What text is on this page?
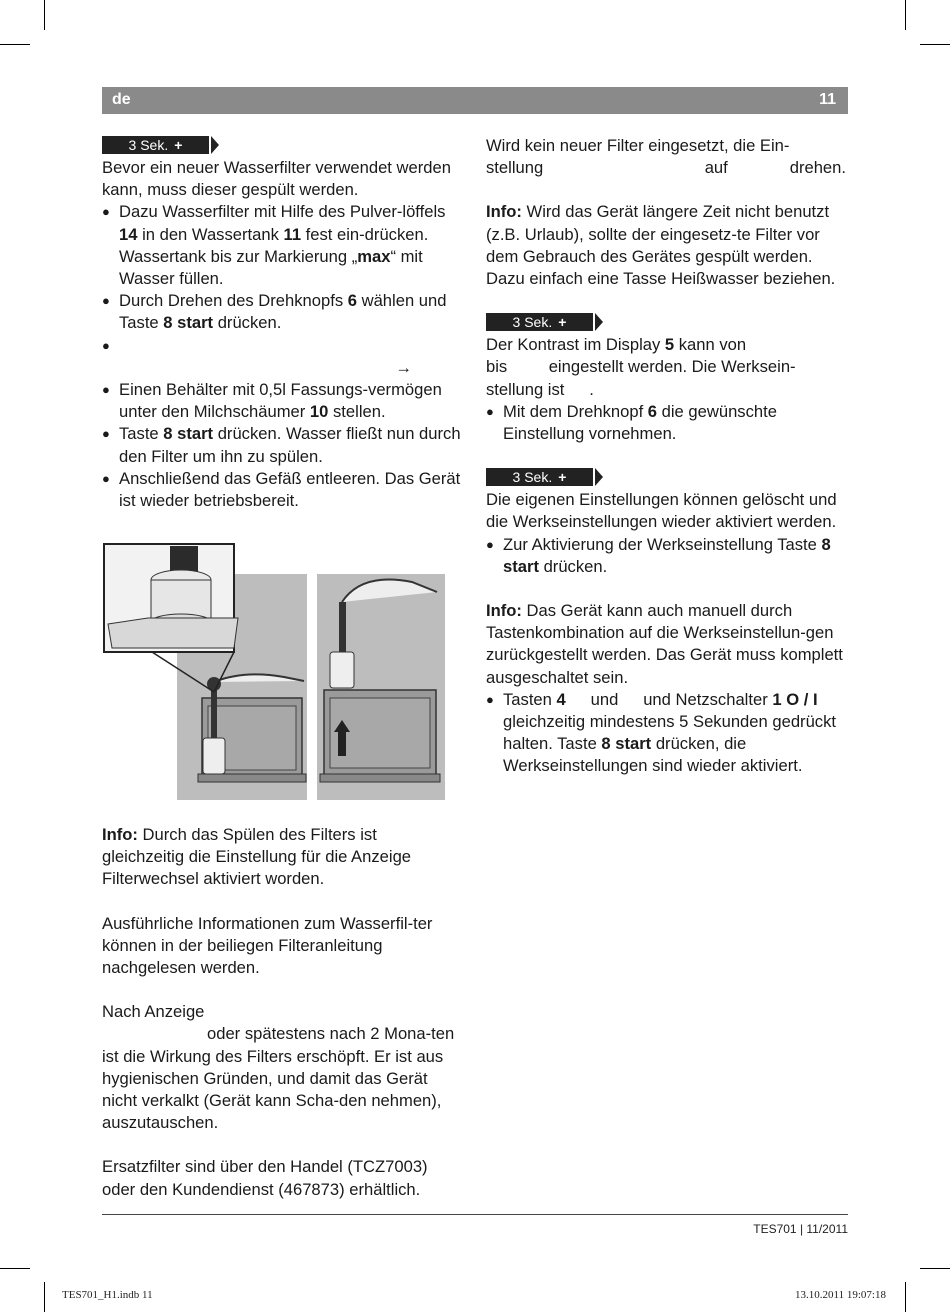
de	11
3 Sek. +

Bevor ein neuer Wasserfilter verwendet werden kann, muss dieser gespült werden.

● Dazu Wasserfilter mit Hilfe des Pulver-löffels 14 in den Wassertank 11 fest ein-drücken. Wassertank bis zur Markierung „max“ mit Wasser füllen.
● Durch Drehen des Drehknopfs 6 wählen und Taste 8 start drücken.

● →
● Einen Behälter mit 0,5l Fassungs-vermögen unter den Milchschäumer 10 stellen.
● Taste 8 start drücken. Wasser fließt nun durch den Filter um ihn zu spülen.
● Anschließend das Gefäß entleeren. Das Gerät ist wieder betriebsbereit.

Info: Durch das Spülen des Filters ist gleichzeitig die Einstellung für die Anzeige Filterwechsel aktiviert worden.

Ausführliche Informationen zum Wasserfil-ter können in der beiliegen Filteranleitung nachgelesen werden.

Nach Anzeige

oder spätestens nach 2 Mona-ten ist die Wirkung des Filters erschöpft. Er ist aus hygienischen Gründen, und damit das Gerät nicht verkalkt (Gerät kann Scha-den nehmen), auszutauschen.

Ersatzfilter sind über den Handel (TCZ7003) oder den Kundendienst (467873) erhältlich.

Wird kein neuer Filter eingesetzt, die Ein-

stellung      	auf	drehen.

Info: Wird das Gerät längere Zeit nicht benutzt (z.B. Urlaub), sollte der eingesetz-te Filter vor dem Gebrauch des Gerätes gespült werden. Dazu einfach eine Tasse Heißwasser beziehen.

3 Sek. +

Der Kontrast im Display 5 kann von

bis    eingestellt werden. Die Werksein-

stellung ist   .

● Mit dem Drehknopf 6 die gewünschte Einstellung vornehmen.
3 Sek. +

Die eigenen Einstellungen können gelöscht und die Werkseinstellungen wieder aktiviert werden.

● Zur Aktivierung der Werkseinstellung Taste 8 start drücken.

Info: Das Gerät kann auch manuell durch Tastenkombination auf die Werkseinstellun-gen zurückgestellt werden. Das Gerät muss komplett ausgeschaltet sein.

● Tasten 4   und   und Netzschalter 1 O / I gleichzeitig mindestens 5 Sekunden gedrückt halten. Taste 8 start drücken, die Werkseinstellungen sind wieder aktiviert.
TES701 | 11/2011
TES701_H1.indb 11	13.10.2011 19:07:18
